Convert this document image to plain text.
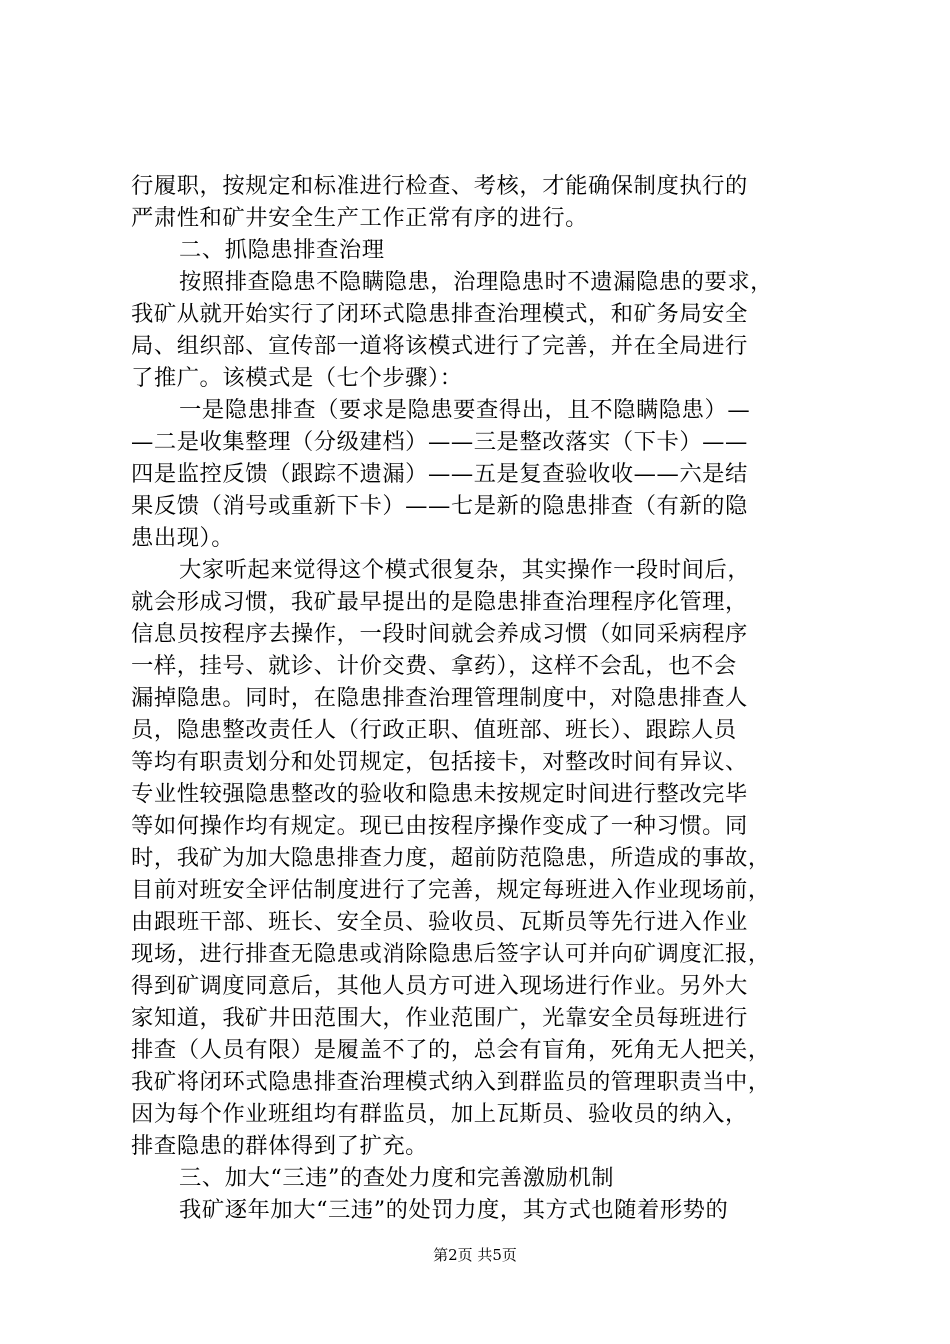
行履职，按规定和标准进行检查、考核，才能确保制度执行的
严肃性和矿井安全生产工作正常有序的进行。
二、抓隐患排查治理
按照排查隐患不隐瞒隐患，治理隐患时不遗漏隐患的要求，
我矿从就开始实行了闭环式隐患排查治理模式，和矿务局安全
局、组织部、宣传部一道将该模式进行了完善，并在全局进行
了推广。该模式是（七个步骤）：
一是隐患排查（要求是隐患要查得出，且不隐瞒隐患）—
—二是收集整理（分级建档）——三是整改落实（下卡）——
四是监控反馈（跟踪不遗漏）——五是复查验收收——六是结
果反馈（消号或重新下卡）——七是新的隐患排查（有新的隐
患出现）。
大家听起来觉得这个模式很复杂，其实操作一段时间后，
就会形成习惯，我矿最早提出的是隐患排查治理程序化管理，
信息员按程序去操作，一段时间就会养成习惯（如同采病程序
一样，挂号、就诊、计价交费、拿药），这样不会乱，也不会
漏掉隐患。同时，在隐患排查治理管理制度中，对隐患排查人
员，隐患整改责任人（行政正职、值班部、班长）、跟踪人员
等均有职责划分和处罚规定，包括接卡，对整改时间有异议、
专业性较强隐患整改的验收和隐患未按规定时间进行整改完毕
等如何操作均有规定。现已由按程序操作变成了一种习惯。同
时，我矿为加大隐患排查力度，超前防范隐患，所造成的事故，
目前对班安全评估制度进行了完善，规定每班进入作业现场前，
由跟班干部、班长、安全员、验收员、瓦斯员等先行进入作业
现场，进行排查无隐患或消除隐患后签字认可并向矿调度汇报，
得到矿调度同意后，其他人员方可进入现场进行作业。另外大
家知道，我矿井田范围大，作业范围广，光靠安全员每班进行
排查（人员有限）是履盖不了的，总会有盲角，死角无人把关，
我矿将闭环式隐患排查治理模式纳入到群监员的管理职责当中，
因为每个作业班组均有群监员，加上瓦斯员、验收员的纳入，
排查隐患的群体得到了扩充。
三、加大“三违”的查处力度和完善激励机制
我矿逐年加大“三违”的处罚力度，其方式也随着形势的
第2页 共5页
